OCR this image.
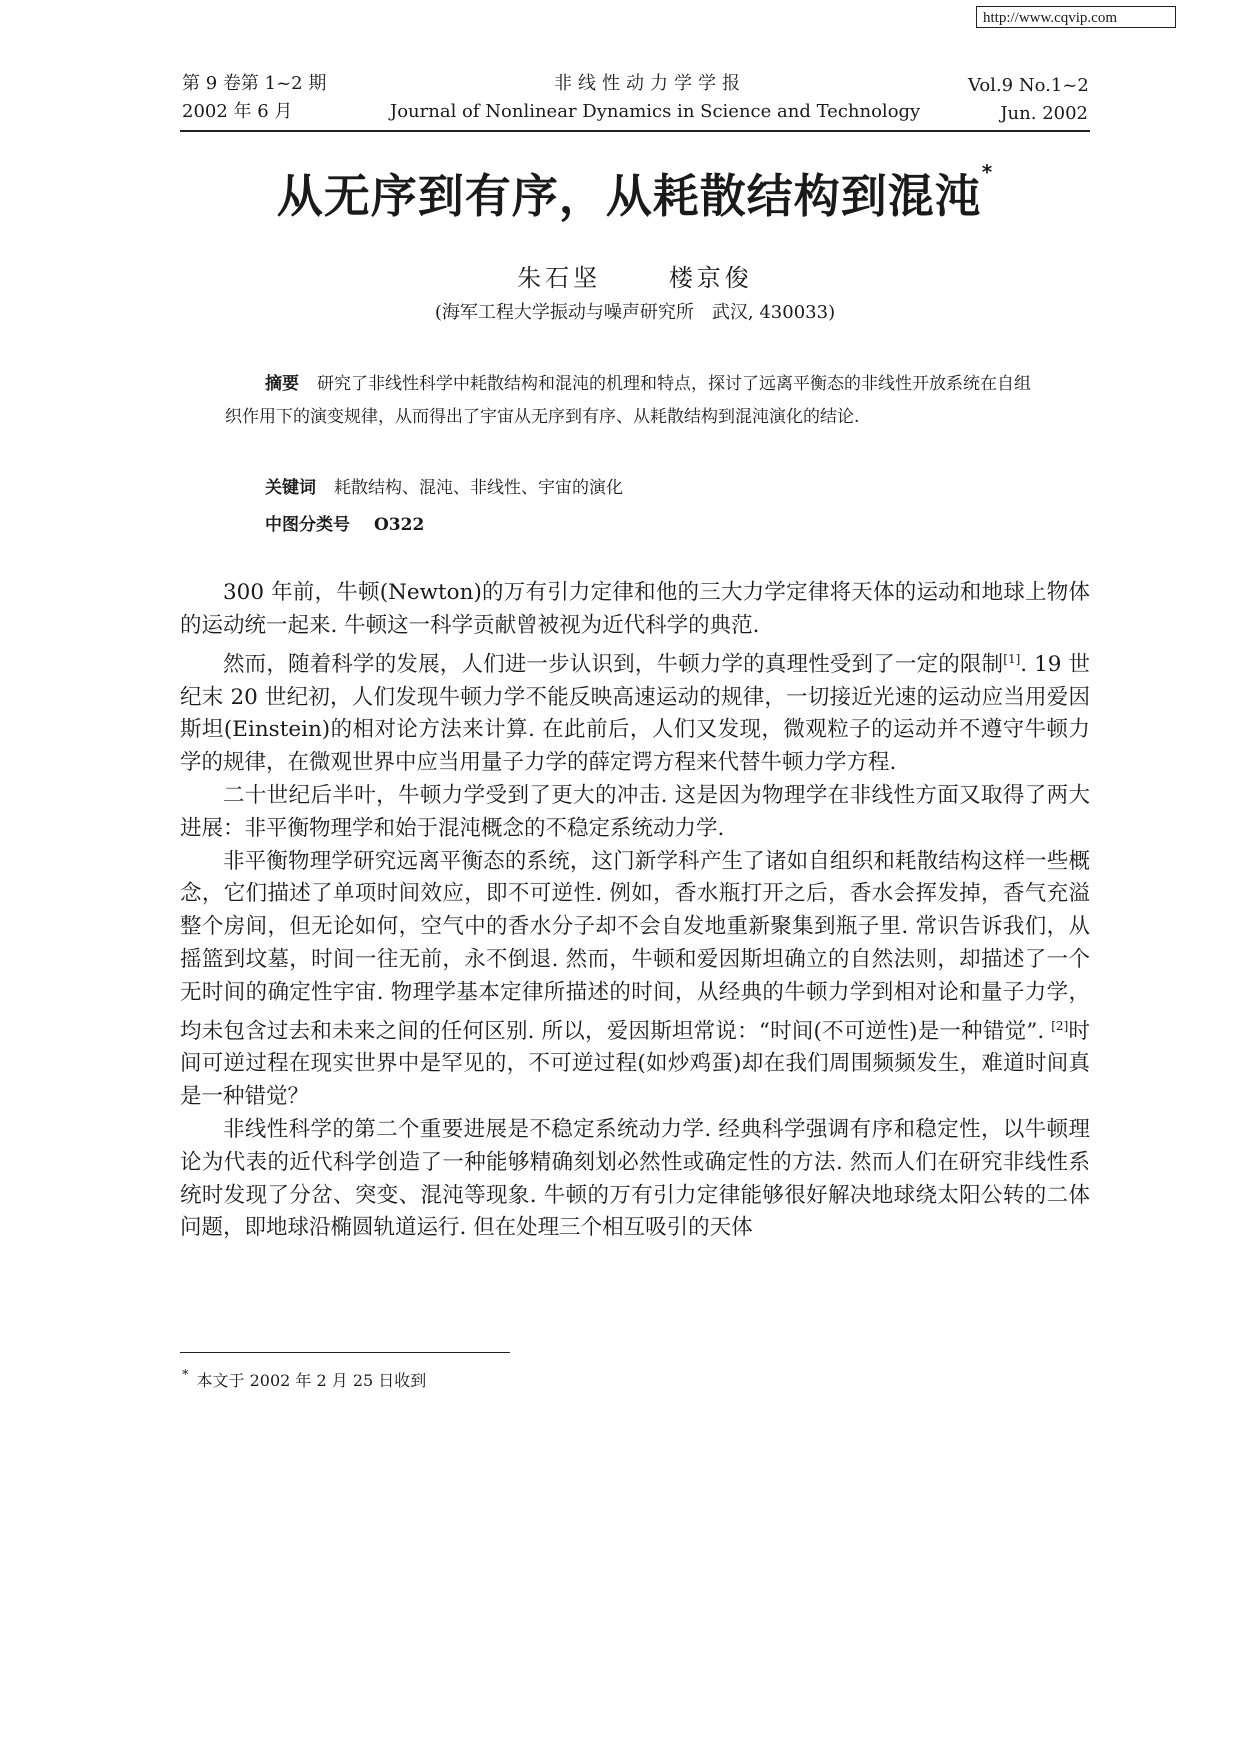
http://www.cqvip.com
第 9 卷第 1~2 期
2002 年 6 月
非线性动力学学报
Journal of Nonlinear Dynamics in Science and Technology
Vol.9 No.1~2
Jun. 2002
从无序到有序，从耗散结构到混沌*
朱石坚	楼京俊
(海军工程大学振动与噪声研究所　武汉, 430033)
摘要 研究了非线性科学中耗散结构和混沌的机理和特点，探讨了远离平衡态的非线性开放系统在自组织作用下的演变规律，从而得出了宇宙从无序到有序、从耗散结构到混沌演化的结论.
关键词 耗散结构、混沌、非线性、宇宙的演化
中图分类号 O322

300 年前，牛顿(Newton)的万有引力定律和他的三大力学定律将天体的运动和地球上物体的运动统一起来. 牛顿这一科学贡献曾被视为近代科学的典范.

然而，随着科学的发展，人们进一步认识到，牛顿力学的真理性受到了一定的限制[1]. 19 世纪末 20 世纪初，人们发现牛顿力学不能反映高速运动的规律，一切接近光速的运动应当用爱因斯坦(Einstein)的相对论方法来计算. 在此前后，人们又发现，微观粒子的运动并不遵守牛顿力学的规律，在微观世界中应当用量子力学的薛定谔方程来代替牛顿力学方程.

二十世纪后半叶，牛顿力学受到了更大的冲击. 这是因为物理学在非线性方面又取得了两大进展：非平衡物理学和始于混沌概念的不稳定系统动力学.

非平衡物理学研究远离平衡态的系统，这门新学科产生了诸如自组织和耗散结构这样一些概念，它们描述了单项时间效应，即不可逆性. 例如，香水瓶打开之后，香水会挥发掉，香气充溢整个房间，但无论如何，空气中的香水分子却不会自发地重新聚集到瓶子里. 常识告诉我们，从摇篮到坟墓，时间一往无前，永不倒退. 然而，牛顿和爱因斯坦确立的自然法则，却描述了一个无时间的确定性宇宙. 物理学基本定律所描述的时间，从经典的牛顿力学到相对论和量子力学，均未包含过去和未来之间的任何区别. 所以，爱因斯坦常说：“时间(不可逆性)是一种错觉”. [2]时间可逆过程在现实世界中是罕见的，不可逆过程(如炒鸡蛋)却在我们周围频频发生，难道时间真是一种错觉？

非线性科学的第二个重要进展是不稳定系统动力学. 经典科学强调有序和稳定性，以牛顿理论为代表的近代科学创造了一种能够精确刻划必然性或确定性的方法. 然而人们在研究非线性系统时发现了分岔、突变、混沌等现象. 牛顿的万有引力定律能够很好解决地球绕太阳公转的二体问题，即地球沿椭圆轨道运行. 但在处理三个相互吸引的天体

* 本文于 2002 年 2 月 25 日收到
